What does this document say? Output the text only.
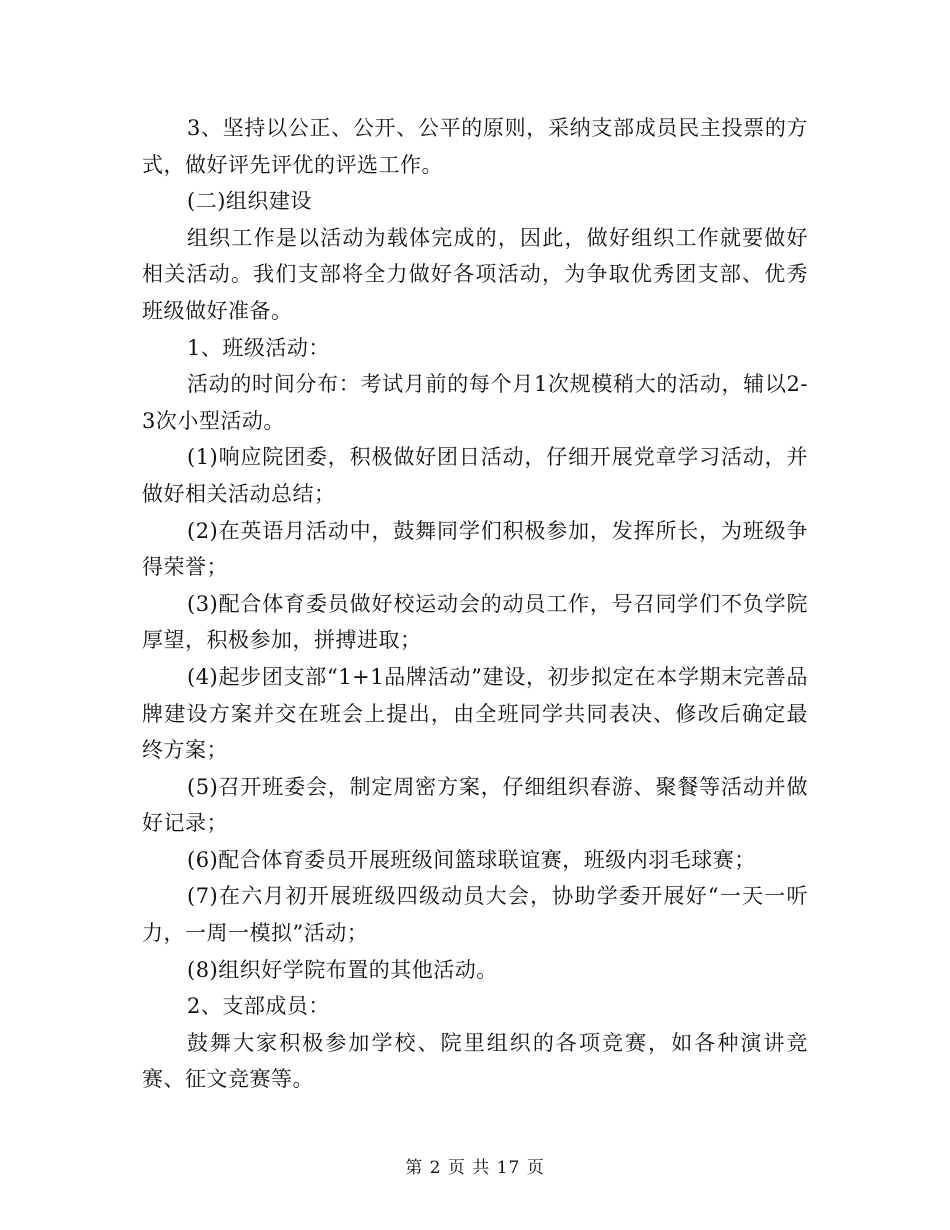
3、坚持以公正、公开、公平的原则，采纳支部成员民主投票的方式，做好评先评优的评选工作。

(二)组织建设

组织工作是以活动为载体完成的，因此，做好组织工作就要做好相关活动。我们支部将全力做好各项活动，为争取优秀团支部、优秀班级做好准备。

1、班级活动：

活动的时间分布：考试月前的每个月1次规模稍大的活动，辅以2-3次小型活动。

(1)响应院团委，积极做好团日活动，仔细开展党章学习活动，并做好相关活动总结；

(2)在英语月活动中，鼓舞同学们积极参加，发挥所长，为班级争得荣誉；

(3)配合体育委员做好校运动会的动员工作，号召同学们不负学院厚望，积极参加，拼搏进取；

(4)起步团支部“1+1品牌活动”建设，初步拟定在本学期末完善品牌建设方案并交在班会上提出，由全班同学共同表决、修改后确定最终方案；

(5)召开班委会，制定周密方案，仔细组织春游、聚餐等活动并做好记录；

(6)配合体育委员开展班级间篮球联谊赛，班级内羽毛球赛；

(7)在六月初开展班级四级动员大会，协助学委开展好“一天一听力，一周一模拟”活动；

(8)组织好学院布置的其他活动。

2、支部成员：

鼓舞大家积极参加学校、院里组织的各项竞赛，如各种演讲竞赛、征文竞赛等。

第 2 页 共 17 页
